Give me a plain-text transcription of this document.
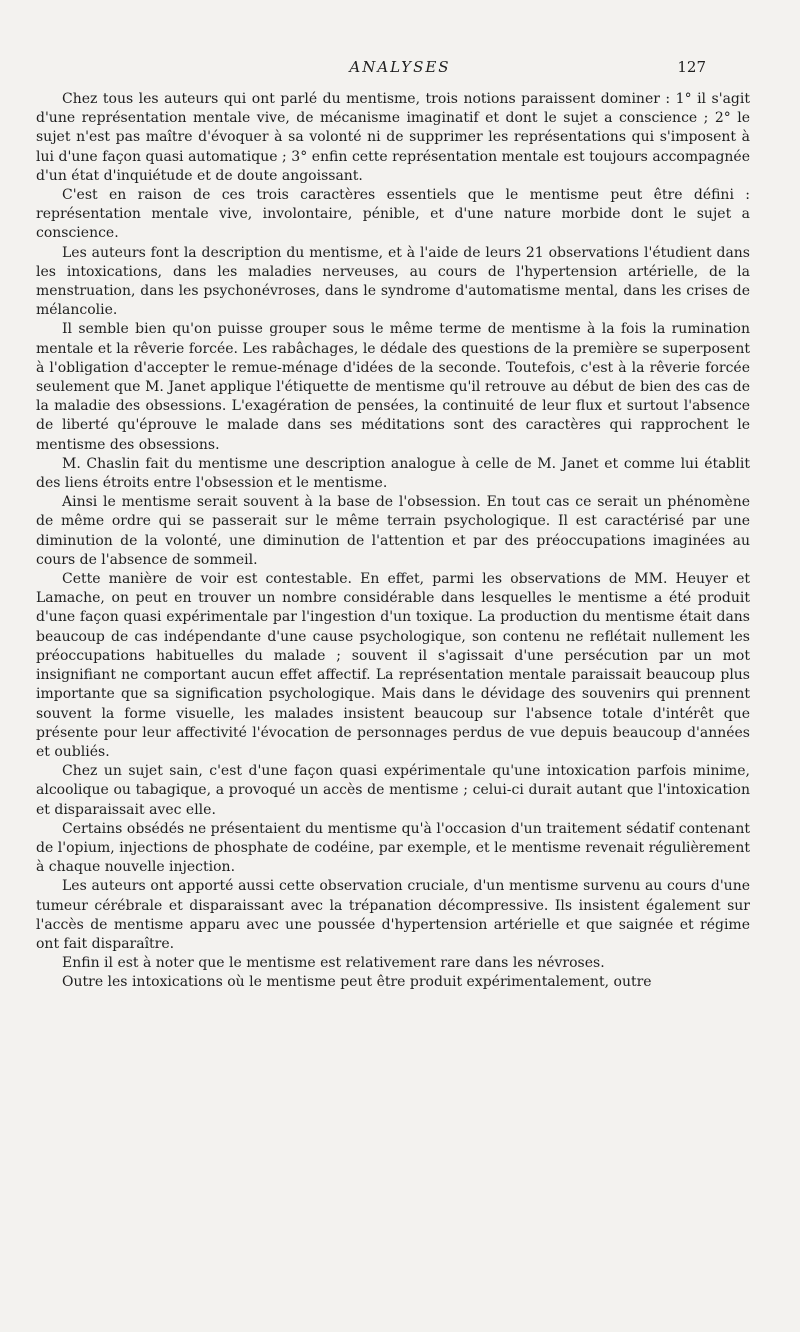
ANALYSES	127

Chez tous les auteurs qui ont parlé du mentisme, trois notions paraissent dominer : 1° il s'agit d'une représentation mentale vive, de mécanisme imaginatif et dont le sujet a conscience ; 2° le sujet n'est pas maître d'évoquer à sa volonté ni de supprimer les représentations qui s'imposent à lui d'une façon quasi automatique ; 3° enfin cette représentation mentale est toujours accompagnée d'un état d'inquiétude et de doute angoissant.

C'est en raison de ces trois caractères essentiels que le mentisme peut être défini : représentation mentale vive, involontaire, pénible, et d'une nature morbide dont le sujet a conscience.

Les auteurs font la description du mentisme, et à l'aide de leurs 21 observations l'étudient dans les intoxications, dans les maladies nerveuses, au cours de l'hypertension artérielle, de la menstruation, dans les psychonévroses, dans le syndrome d'automatisme mental, dans les crises de mélancolie.

Il semble bien qu'on puisse grouper sous le même terme de mentisme à la fois la rumination mentale et la rêverie forcée. Les rabâchages, le dédale des questions de la première se superposent à l'obligation d'accepter le remue-ménage d'idées de la seconde. Toutefois, c'est à la rêverie forcée seulement que M. Janet applique l'étiquette de mentisme qu'il retrouve au début de bien des cas de la maladie des obsessions. L'exagération de pensées, la continuité de leur flux et surtout l'absence de liberté qu'éprouve le malade dans ses méditations sont des caractères qui rapprochent le mentisme des obsessions.

M. Chaslin fait du mentisme une description analogue à celle de M. Janet et comme lui établit des liens étroits entre l'obsession et le mentisme.

Ainsi le mentisme serait souvent à la base de l'obsession. En tout cas ce serait un phénomène de même ordre qui se passerait sur le même terrain psychologique. Il est caractérisé par une diminution de la volonté, une diminution de l'attention et par des préoccupations imaginées au cours de l'absence de sommeil.

Cette manière de voir est contestable. En effet, parmi les observations de MM. Heuyer et Lamache, on peut en trouver un nombre considérable dans lesquelles le mentisme a été produit d'une façon quasi expérimentale par l'ingestion d'un toxique. La production du mentisme était dans beaucoup de cas indépendante d'une cause psychologique, son contenu ne reflétait nullement les préoccupations habituelles du malade ; souvent il s'agissait d'une persécution par un mot insignifiant ne comportant aucun effet affectif. La représentation mentale paraissait beaucoup plus importante que sa signification psychologique. Mais dans le dévidage des souvenirs qui prennent souvent la forme visuelle, les malades insistent beaucoup sur l'absence totale d'intérêt que présente pour leur affectivité l'évocation de personnages perdus de vue depuis beaucoup d'années et oubliés.

Chez un sujet sain, c'est d'une façon quasi expérimentale qu'une intoxication parfois minime, alcoolique ou tabagique, a provoqué un accès de mentisme ; celui-ci durait autant que l'intoxication et disparaissait avec elle.

Certains obsédés ne présentaient du mentisme qu'à l'occasion d'un traitement sédatif contenant de l'opium, injections de phosphate de codéine, par exemple, et le mentisme revenait régulièrement à chaque nouvelle injection.

Les auteurs ont apporté aussi cette observation cruciale, d'un mentisme survenu au cours d'une tumeur cérébrale et disparaissant avec la trépanation décompressive. Ils insistent également sur l'accès de mentisme apparu avec une poussée d'hypertension artérielle et que saignée et régime ont fait disparaître.

Enfin il est à noter que le mentisme est relativement rare dans les névroses.

Outre les intoxications où le mentisme peut être produit expérimentalement, outre
